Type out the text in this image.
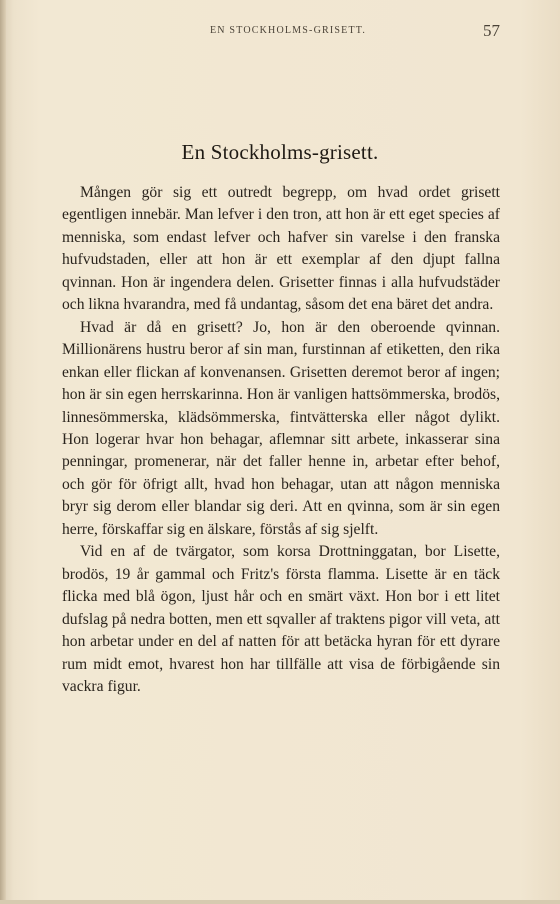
EN STOCKHOLMS-GRISETT.	57
En Stockholms-grisett.

Mången gör sig ett outredt begrepp, om hvad ordet grisett egentligen innebär. Man lefver i den tron, att hon är ett eget species af menniska, som endast lefver och hafver sin varelse i den franska hufvudstaden, eller att hon är ett exemplar af den djupt fallna qvinnan. Hon är ingendera delen. Grisetter finnas i alla hufvudstäder och likna hvarandra, med få undantag, såsom det ena bäret det andra.

Hvad är då en grisett? Jo, hon är den oberoende qvinnan. Millionärens hustru beror af sin man, furstinnan af etiketten, den rika enkan eller flickan af konvenansen. Grisetten deremot beror af ingen; hon är sin egen herrskarinna. Hon är vanligen hattsömmerska, brodös, linnesömmerska, klädsömmerska, fintvätterska eller något dylikt. Hon logerar hvar hon behagar, aflemnar sitt arbete, inkasserar sina penningar, promenerar, när det faller henne in, arbetar efter behof, och gör för öfrigt allt, hvad hon behagar, utan att någon menniska bryr sig derom eller blandar sig deri. Att en qvinna, som är sin egen herre, förskaffar sig en älskare, förstås af sig sjelft.

Vid en af de tvärgator, som korsa Drottninggatan, bor Lisette, brodös, 19 år gammal och Fritz's första flamma. Lisette är en täck flicka med blå ögon, ljust hår och en smärt växt. Hon bor i ett litet dufslag på nedra botten, men ett sqvaller af traktens pigor vill veta, att hon arbetar under en del af natten för att betäcka hyran för ett dyrare rum midt emot, hvarest hon har tillfälle att visa de förbigående sin vackra figur.
